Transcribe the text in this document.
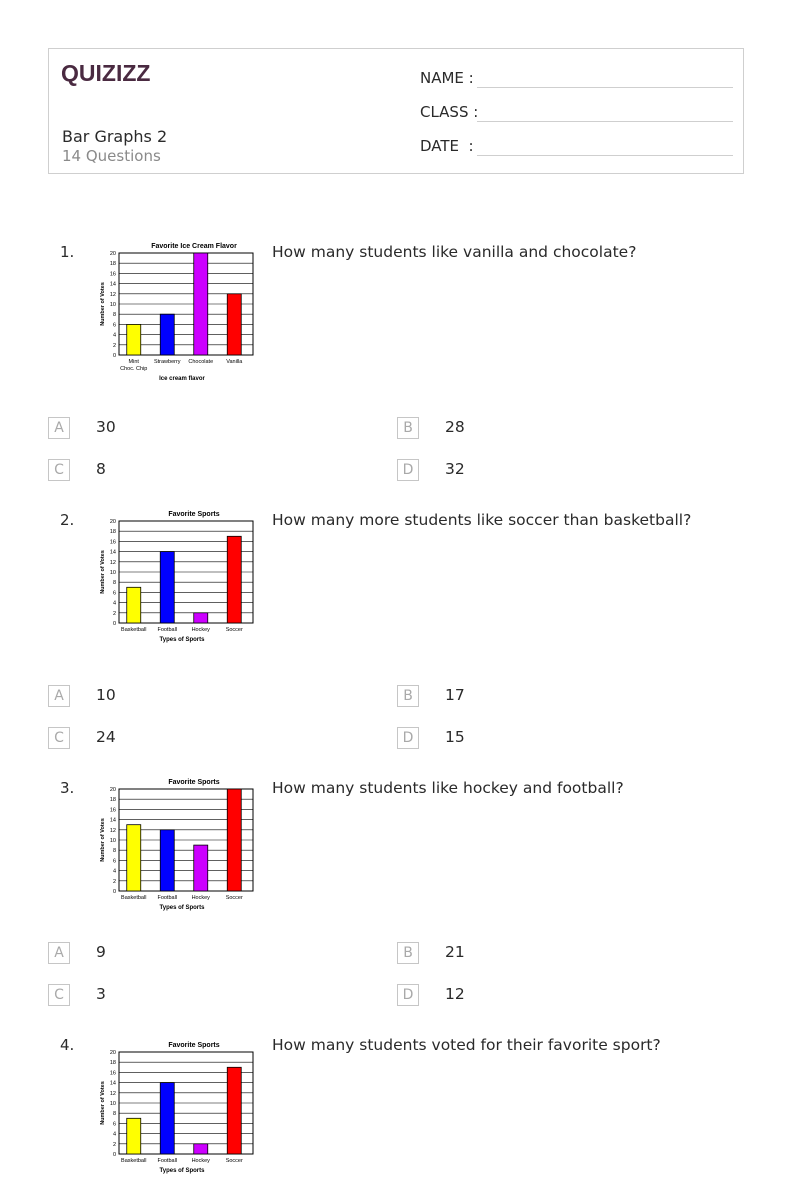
QUIZIZZ
Bar Graphs 2
14 Questions
NAME :
CLASS :
DATE  :
1.	Favorite Ice Cream Flavor
0
2
4
6
8
10
12
14
16
18
20
Mint
Choc. Chip
Strawberry Chocolate Vanilla
Ice cream flavor
Number of Votes
How many students like vanilla and chocolate?
A	30	B	28
C	8	D	32
2.	Favorite Sports
0
2
4
6
8
10
12
14
16
18
20
Basketball Football	Hockey	Soccer
Types of Sports
Number of Votes
How many more students like soccer than basketball?
A	10	B	17
C	24	D	15
3.	Favorite Sports
0
2
4
6
8
10
12
14
16
18
20
Basketball Football	Hockey	Soccer
Types of Sports
Number of Votes
How many students like hockey and football?
A	9	B	21
C	3	D	12
4.	Favorite Sports
0
2
4
6
8
10
12
14
16
18
20
Basketball Football	Hockey	Soccer
Types of Sports
Number of Votes
How many students voted for their favorite sport?
